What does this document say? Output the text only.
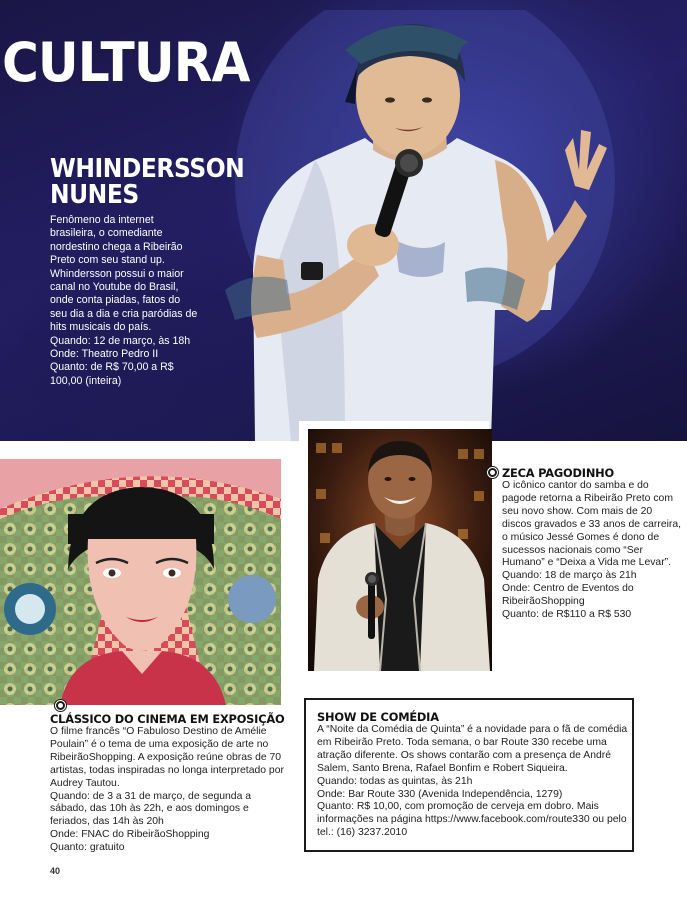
CULTURA
WHINDERSSON
NUNES

Fenômeno da internet brasileira, o comediante nordestino chega a Ribeirão Preto com seu stand up. Whindersson possui o maior canal no Youtube do Brasil, onde conta piadas, fatos do seu dia a dia e cria paródias de hits musicais do país.

Quando: 12 de março, às 18h

Onde: Theatro Pedro II

Quanto: de R$ 70,00 a R$ 100,00 (inteira)

ZECA PAGODINHO

O icônico cantor do samba e do pagode retorna a Ribeirão Preto com seu novo show. Com mais de 20 discos gravados e 33 anos de carreira, o músico Jessé Gomes é dono de sucessos nacionais como “Ser Humano” e “Deixa a Vida me Levar”.

Quando: 18 de março às 21h

Onde: Centro de Eventos do RibeirãoShopping

Quanto: de R$110 a R$ 530

CLÁSSICO DO CINEMA EM EXPOSIÇÃO

O filme francês “O Fabuloso Destino de Amélie Poulain” é o tema de uma exposição de arte no RibeirãoShopping. A exposição reúne obras de 70 artistas, todas inspiradas no longa interpretado por Audrey Tautou.

Quando: de 3 a 31 de março, de segunda a sábado, das 10h às 22h, e aos domingos e feriados, das 14h às 20h

Onde: FNAC do RibeirãoShopping

Quanto: gratuito

SHOW DE COMÉDIA

A “Noite da Comédia de Quinta” é a novidade para o fã de comédia em Ribeirão Preto. Toda semana, o bar Route 330 recebe uma atração diferente. Os shows contarão com a presença de André Salem, Santo Brena, Rafael Bonfim e Robert Siqueira.

Quando: todas as quintas, às 21h

Onde: Bar Route 330 (Avenida Independência, 1279)

Quanto: R$ 10,00, com promoção de cerveja em dobro. Mais informações na página https://www.facebook.com/route330 ou pelo tel.: (16) 3237.2010

40
